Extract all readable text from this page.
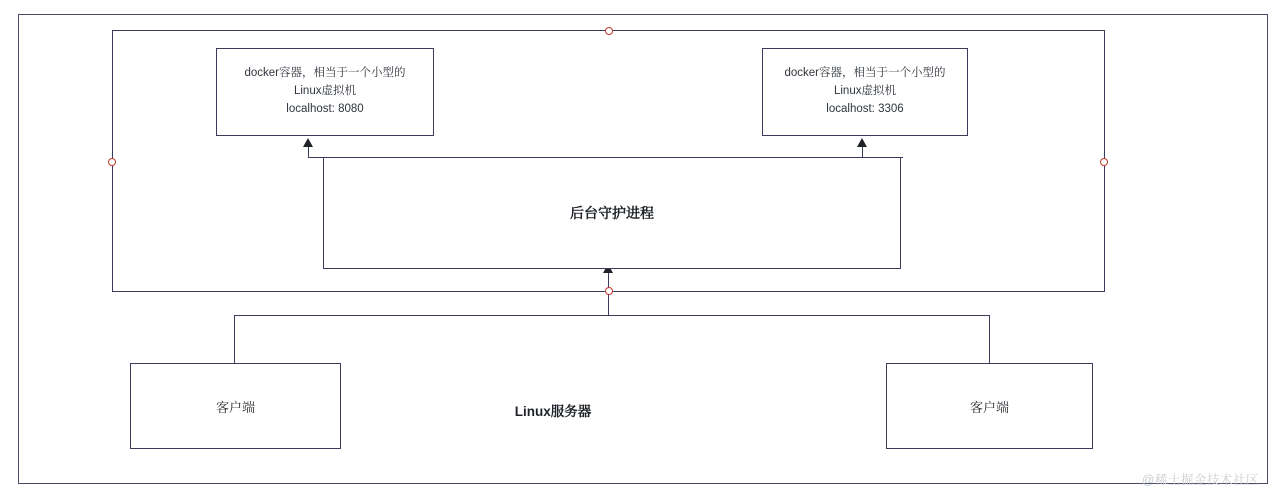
docker容器，相当于一个小型的
Linux虚拟机
localhost: 8080
docker容器，相当于一个小型的
Linux虚拟机
localhost: 3306
后台守护进程
客户端	客户端
Linux服务器
@稀土掘金技术社区
